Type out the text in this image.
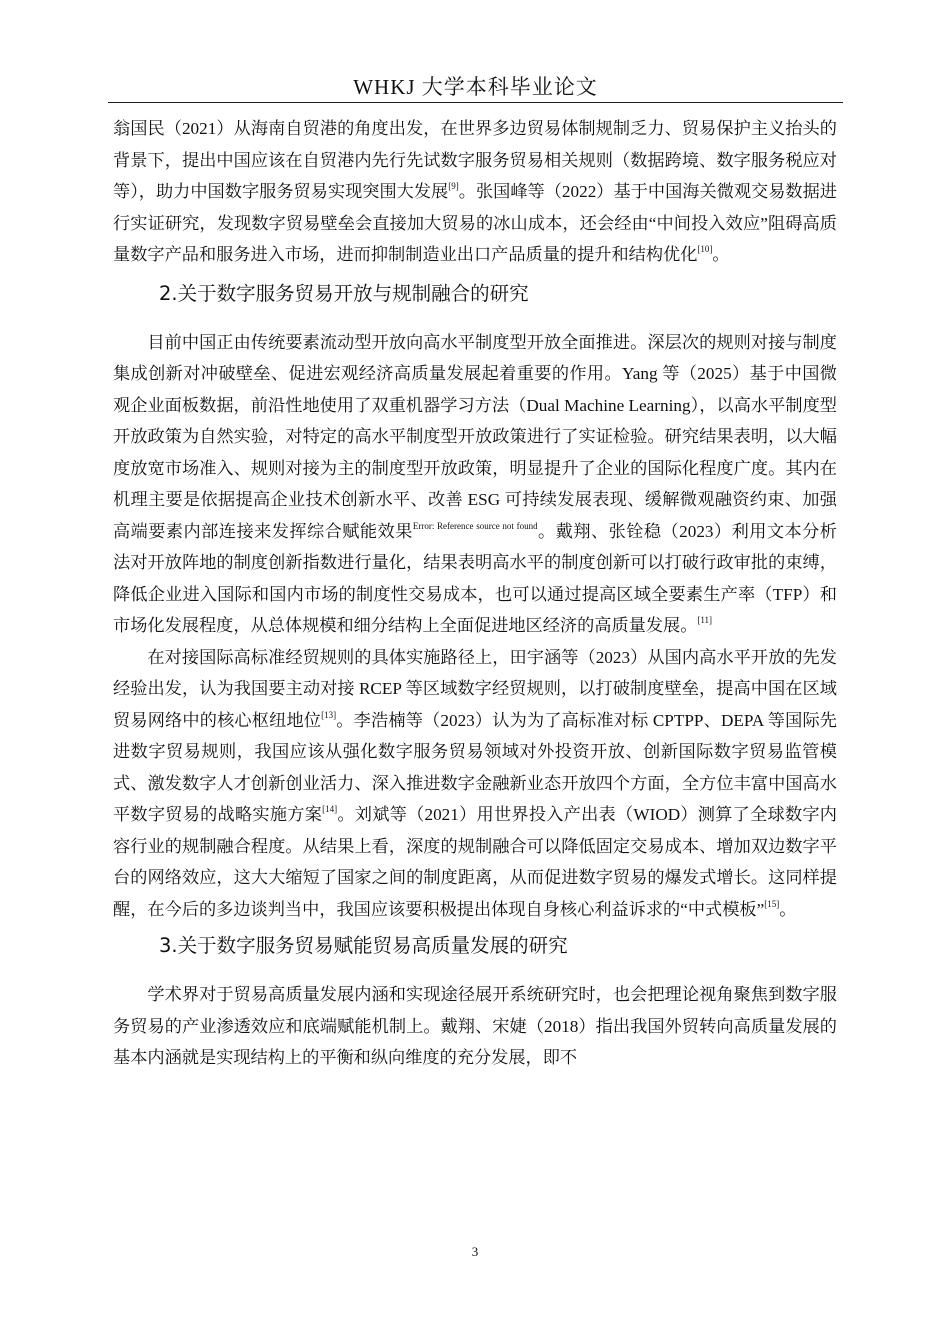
WHKJ 大学本科毕业论文

翁国民（2021）从海南自贸港的角度出发，在世界多边贸易体制规制乏力、贸易保护主义抬头的背景下，提出中国应该在自贸港内先行先试数字服务贸易相关规则（数据跨境、数字服务税应对等），助力中国数字服务贸易实现突围大发展[9]。张国峰等（2022）基于中国海关微观交易数据进行实证研究，发现数字贸易壁垒会直接加大贸易的冰山成本，还会经由“中间投入效应”阻碍高质量数字产品和服务进入市场，进而抑制制造业出口产品质量的提升和结构优化[10]。

2.关于数字服务贸易开放与规制融合的研究

目前中国正由传统要素流动型开放向高水平制度型开放全面推进。深层次的规则对接与制度集成创新对冲破壁垒、促进宏观经济高质量发展起着重要的作用。Yang 等（2025）基于中国微观企业面板数据，前沿性地使用了双重机器学习方法（Dual Machine Learning），以高水平制度型开放政策为自然实验，对特定的高水平制度型开放政策进行了实证检验。研究结果表明，以大幅度放宽市场准入、规则对接为主的制度型开放政策，明显提升了企业的国际化程度广度。其内在机理主要是依据提高企业技术创新水平、改善 ESG 可持续发展表现、缓解微观融资约束、加强高端要素内部连接来发挥综合赋能效果$^{Error: Reference source not found}$。戴翔、张铨稳（2023）利用文本分析法对开放阵地的制度创新指数进行量化，结果表明高水平的制度创新可以打破行政审批的束缚，降低企业进入国际和国内市场的制度性交易成本，也可以通过提高区域全要素生产率（TFP）和市场化发展程度，从总体规模和细分结构上全面促进地区经济的高质量发展。[11]

在对接国际高标准经贸规则的具体实施路径上，田宇涵等（2023）从国内高水平开放的先发经验出发，认为我国要主动对接 RCEP 等区域数字经贸规则，以打破制度壁垒，提高中国在区域贸易网络中的核心枢纽地位[13]。李浩楠等（2023）认为为了高标准对标 CPTPP、DEPA 等国际先进数字贸易规则，我国应该从强化数字服务贸易领域对外投资开放、创新国际数字贸易监管模式、激发数字人才创新创业活力、深入推进数字金融新业态开放四个方面，全方位丰富中国高水平数字贸易的战略实施方案[14]。刘斌等（2021）用世界投入产出表（WIOD）测算了全球数字内容行业的规制融合程度。从结果上看，深度的规制融合可以降低固定交易成本、增加双边数字平台的网络效应，这大大缩短了国家之间的制度距离，从而促进数字贸易的爆发式增长。这同样提醒，在今后的多边谈判当中，我国应该要积极提出体现自身核心利益诉求的“中式模板”[15]。

3.关于数字服务贸易赋能贸易高质量发展的研究

学术界对于贸易高质量发展内涵和实现途径展开系统研究时，也会把理论视角聚焦到数字服务贸易的产业渗透效应和底端赋能机制上。戴翔、宋婕（2018）指出我国外贸转向高质量发展的基本内涵就是实现结构上的平衡和纵向维度的充分发展，即不

3
